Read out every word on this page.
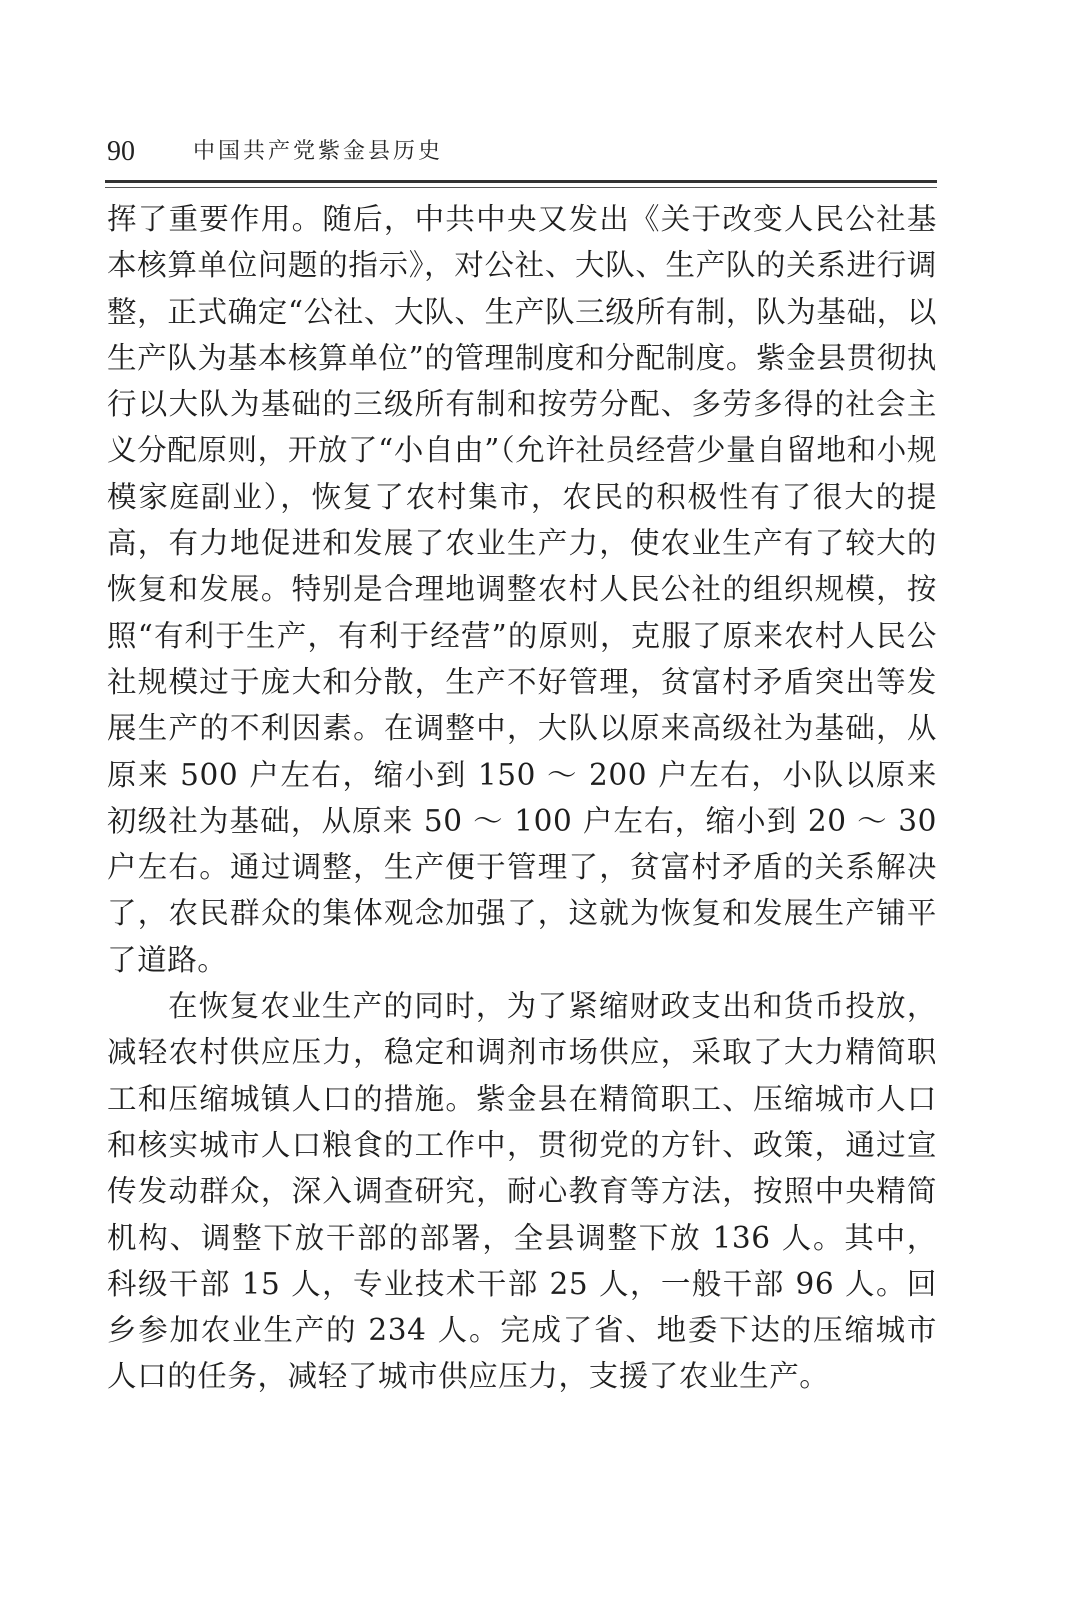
90	中国共产党紫金县历史

挥了重要作用。随后，中共中央又发出《关于改变人民公社基本核算单位问题的指示》，对公社、大队、生产队的关系进行调整，正式确定“公社、大队、生产队三级所有制，队为基础，以生产队为基本核算单位”的管理制度和分配制度。紫金县贯彻执行以大队为基础的三级所有制和按劳分配、多劳多得的社会主义分配原则，开放了“小自由”（允许社员经营少量自留地和小规模家庭副业），恢复了农村集市，农民的积极性有了很大的提高，有力地促进和发展了农业生产力，使农业生产有了较大的恢复和发展。特别是合理地调整农村人民公社的组织规模，按照“有利于生产，有利于经营”的原则，克服了原来农村人民公社规模过于庞大和分散，生产不好管理，贫富村矛盾突出等发展生产的不利因素。在调整中，大队以原来高级社为基础，从原来 500 户左右，缩小到 150 ～ 200 户左右，小队以原来初级社为基础，从原来 50 ～ 100 户左右，缩小到 20 ～ 30 户左右。通过调整，生产便于管理了，贫富村矛盾的关系解决了，农民群众的集体观念加强了，这就为恢复和发展生产铺平了道路。

在恢复农业生产的同时，为了紧缩财政支出和货币投放，减轻农村供应压力，稳定和调剂市场供应，采取了大力精简职工和压缩城镇人口的措施。紫金县在精简职工、压缩城市人口和核实城市人口粮食的工作中，贯彻党的方针、政策，通过宣传发动群众，深入调查研究，耐心教育等方法，按照中央精简机构、调整下放干部的部署，全县调整下放 136 人。其中，科级干部 15 人，专业技术干部 25 人，一般干部 96 人。回乡参加农业生产的 234 人。完成了省、地委下达的压缩城市人口的任务，减轻了城市供应压力，支援了农业生产。
